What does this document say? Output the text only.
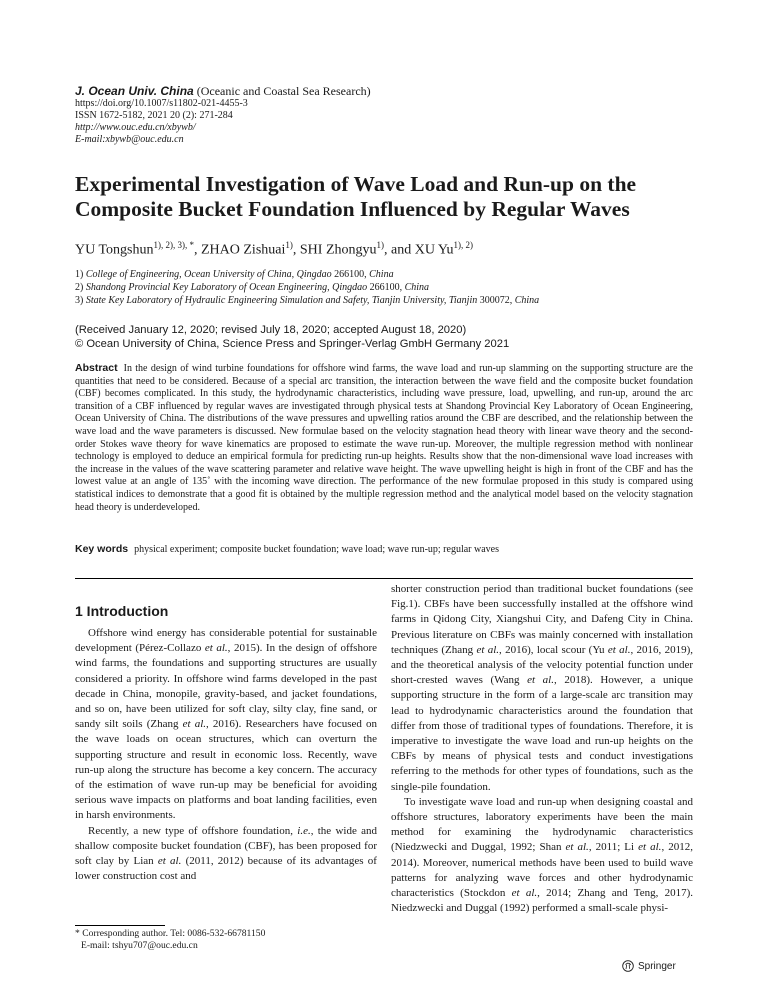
J. Ocean Univ. China (Oceanic and Coastal Sea Research)
https://doi.org/10.1007/s11802-021-4455-3
ISSN 1672-5182, 2021 20 (2): 271-284
http://www.ouc.edu.cn/xbywb/
E-mail:xbywb@ouc.edu.cn
Experimental Investigation of Wave Load and Run-up on the Composite Bucket Foundation Influenced by Regular Waves
YU Tongshun$^{1), 2), 3), *}$, ZHAO Zishuai$^{1)}$, SHI Zhongyu$^{1)}$, and XU $Yu^{1), 2)}$
1) College of Engineering, Ocean University of China, Qingdao 266100, China
2) Shandong Provincial Key Laboratory of Ocean Engineering, Qingdao 266100, China
3) State Key Laboratory of Hydraulic Engineering Simulation and Safety, Tianjin University, Tianjin 300072, China
(Received January 12, 2020; revised July 18, 2020; accepted August 18, 2020)
© Ocean University of China, Science Press and Springer-Verlag GmbH Germany 2021
Abstract In the design of wind turbine foundations for offshore wind farms, the wave load and run-up slamming on the supporting structure are the quantities that need to be considered. Because of a special arc transition, the interaction between the wave field and the composite bucket foundation (CBF) becomes complicated. In this study, the hydrodynamic characteristics, including wave pressure, load, upwelling, and run-up, around the arc transition of a CBF influenced by regular waves are investigated through physical tests at Shandong Provincial Key Laboratory of Ocean Engineering, Ocean University of China. The distributions of the wave pressures and upwelling ratios around the CBF are described, and the relationship between the wave load and the wave parameters is discussed. New formulae based on the velocity stagnation head theory with linear wave theory and the second-order Stokes wave theory for wave kinematics are proposed to estimate the wave run-up. Moreover, the multiple regression method with nonlinear technology is employed to deduce an empirical formula for predicting run-up heights. Results show that the non-dimensional wave load increases with the increase in the values of the wave scattering parameter and relative wave height. The wave upwelling height is high in front of the CBF and has the lowest value at an angle of 135˚ with the incoming wave direction. The performance of the new formulae proposed in this study is compared using statistical indices to demonstrate that a good fit is obtained by the multiple regression method and the analytical model based on the velocity stagnation head theory is underdeveloped.
Key words physical experiment; composite bucket foundation; wave load; wave run-up; regular waves
1 Introduction

Offshore wind energy has considerable potential for sustainable development (Pérez-Collazo et al., 2015). In the design of offshore wind farms, the foundations and supporting structures are usually considered a priority. In offshore wind farms developed in the past decade in China, monopile, gravity-based, and jacket foundations, and so on, have been utilized for soft clay, silty clay, fine sand, or sandy silt soils (Zhang et al., 2016). Researchers have focused on the wave loads on ocean structures, which can overturn the supporting structure and result in economic loss. Recently, wave run-up along the structure has become a key concern. The accuracy of the estimation of wave run-up may be beneficial for avoiding serious wave impacts on platforms and boat landing facilities, even in harsh environments.

Recently, a new type of offshore foundation, i.e., the wide and shallow composite bucket foundation (CBF), has been proposed for soft clay by Lian et al. (2011, 2012) because of its advantages of lower construction cost and

shorter construction period than traditional bucket foundations (see Fig.1). CBFs have been successfully installed at the offshore wind farms in Qidong City, Xiangshui City, and Dafeng City in China. Previous literature on CBFs was mainly concerned with installation techniques (Zhang et al., 2016), local scour (Yu et al., 2016, 2019), and the theoretical analysis of the velocity potential function under short-crested waves (Wang et al., 2018). However, a unique supporting structure in the form of a large-scale arc transition may lead to hydrodynamic characteristics around the foundation that differ from those of traditional types of foundations. Therefore, it is imperative to investigate the wave load and run-up heights on the CBFs by means of physical tests and conduct investigations referring to the methods for other types of foundations, such as the single-pile foundation.

To investigate wave load and run-up when designing coastal and offshore structures, laboratory experiments have been the main method for examining the hydrodynamic characteristics (Niedzwecki and Duggal, 1992; Shan et al., 2011; Li et al., 2012, 2014). Moreover, numerical methods have been used to build wave patterns for analyzing wave forces and other hydrodynamic characteristics (Stockdon et al., 2014; Zhang and Teng, 2017). Niedzwecki and Duggal (1992) performed a small-scale physi-

* Corresponding author. Tel: 0086-532-66781150
E-mail: tshyu707@ouc.edu.cn
Springer
